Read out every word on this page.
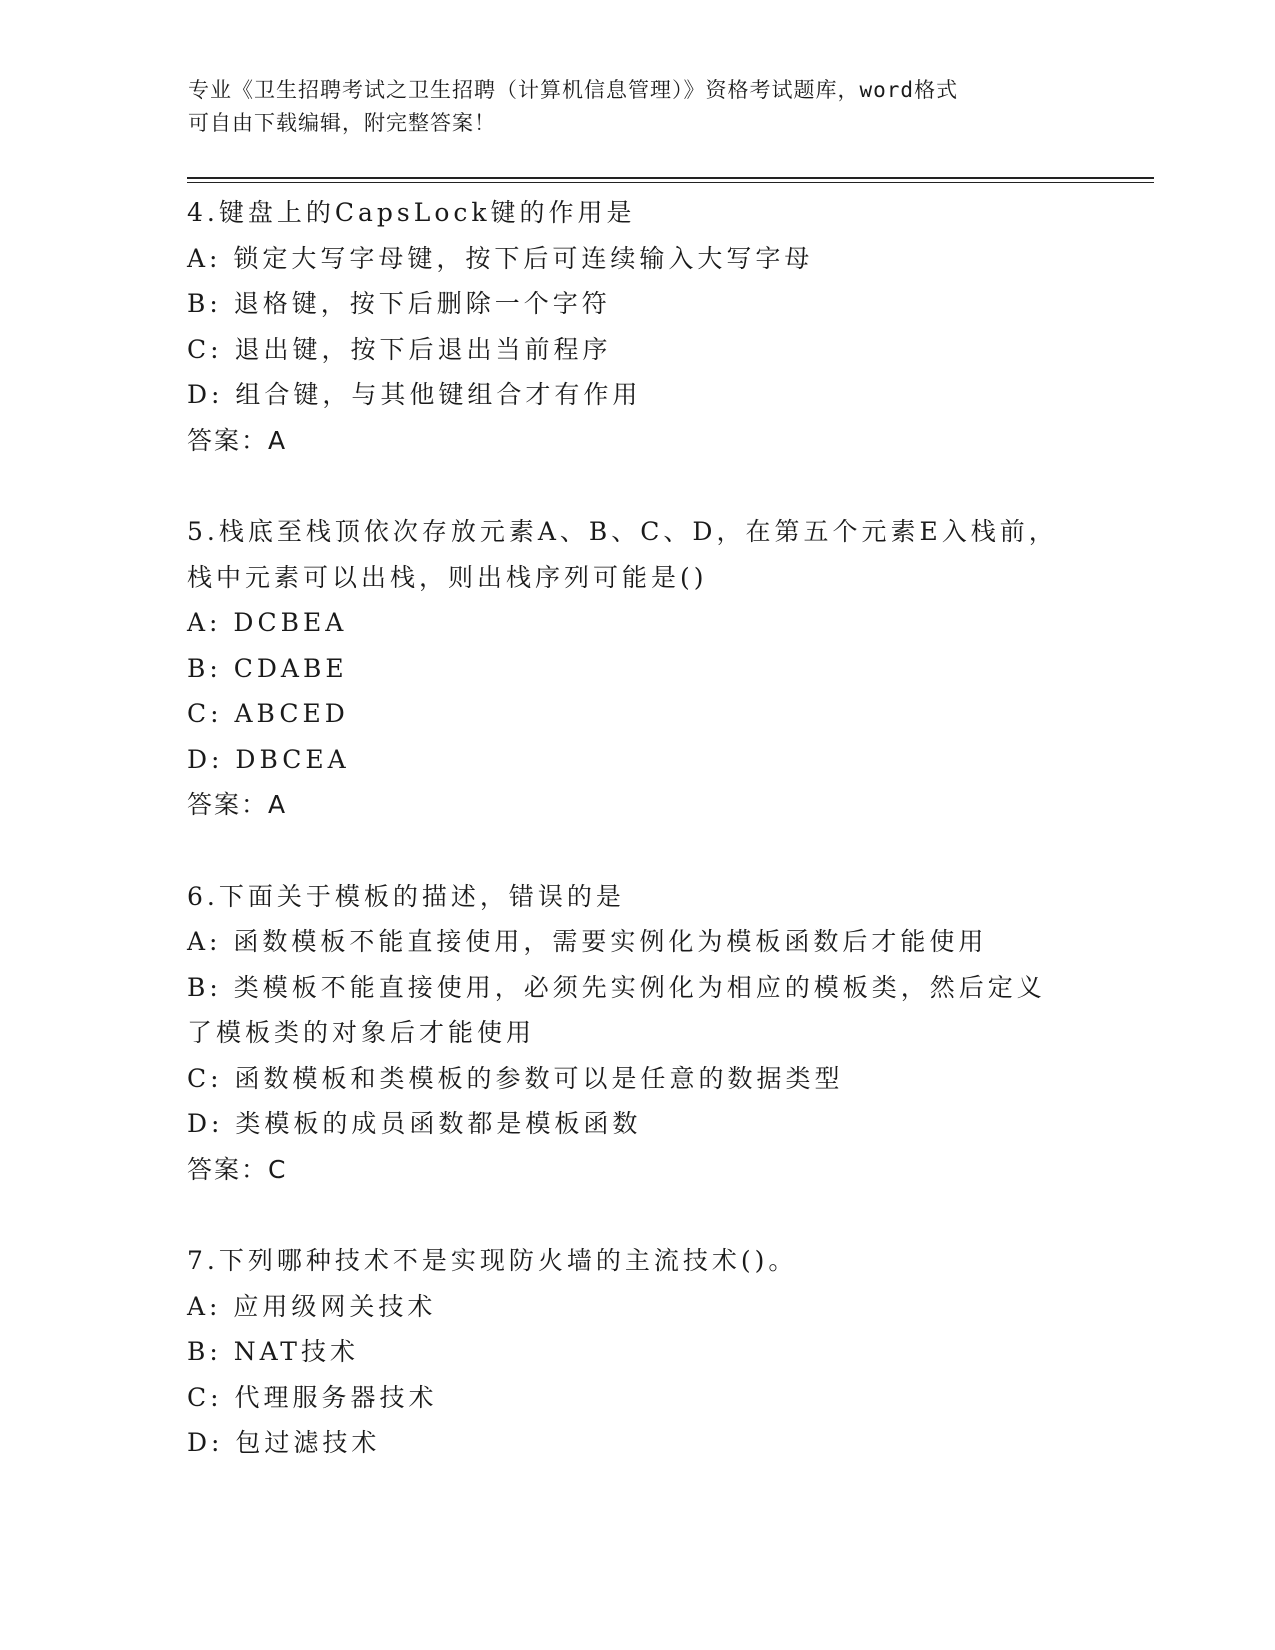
专业《卫生招聘考试之卫生招聘（计算机信息管理）》资格考试题库，word格式
可自由下载编辑，附完整答案！
4.键盘上的CapsLock键的作用是
A: 锁定大写字母键，按下后可连续输入大写字母
B: 退格键，按下后删除一个字符
C: 退出键，按下后退出当前程序
D: 组合键，与其他键组合才有作用
答案：A
5.栈底至栈顶依次存放元素A、B、C、D，在第五个元素E入栈前，栈中元素可以出栈，则出栈序列可能是()
A: DCBEA
B: CDABE
C: ABCED
D: DBCEA
答案：A
6.下面关于模板的描述，错误的是
A: 函数模板不能直接使用，需要实例化为模板函数后才能使用
B: 类模板不能直接使用，必须先实例化为相应的模板类，然后定义了模板类的对象后才能使用
C: 函数模板和类模板的参数可以是任意的数据类型
D: 类模板的成员函数都是模板函数
答案：C
7.下列哪种技术不是实现防火墙的主流技术()。
A: 应用级网关技术
B: NAT技术
C: 代理服务器技术
D: 包过滤技术
